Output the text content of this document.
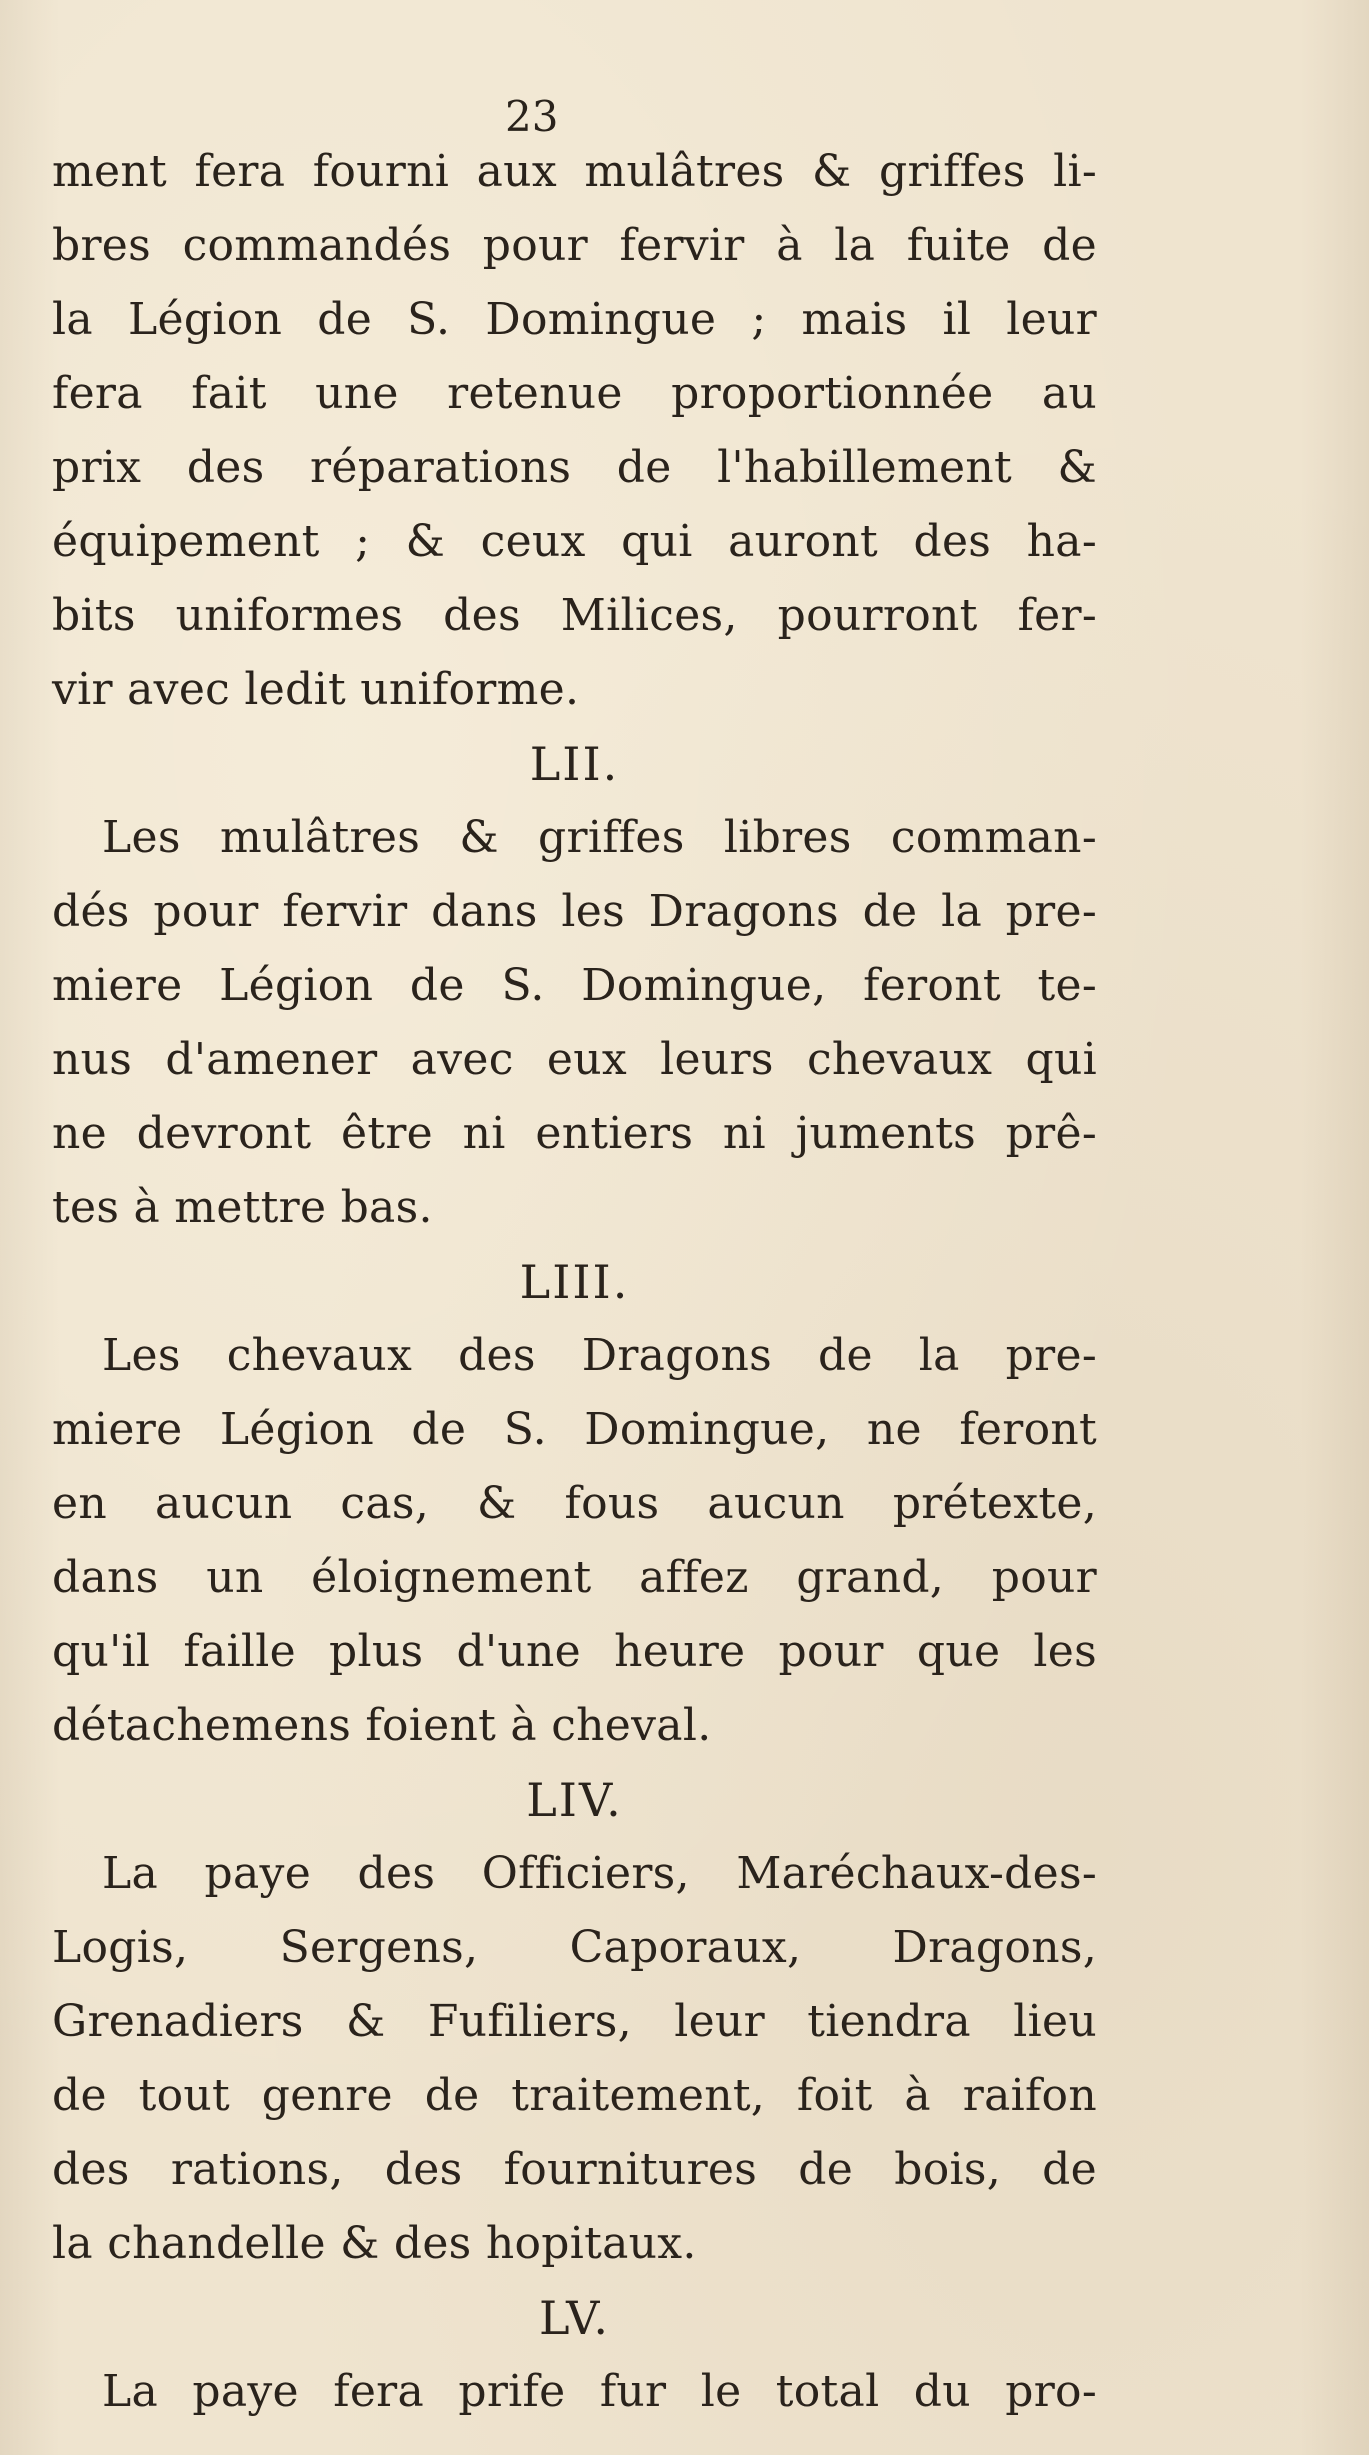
23
ment fera fourni aux mulâtres & griffes li-
bres commandés pour fervir à la fuite de
la Légion de S. Domingue ; mais il leur
fera fait une retenue proportionnée au
prix des réparations de l'habillement &
équipement ; & ceux qui auront des ha-
bits uniformes des Milices, pourront fer-
vir avec ledit uniforme.
LII.
Les mulâtres & griffes libres comman-
dés pour fervir dans les Dragons de la pre-
miere Légion de S. Domingue, feront te-
nus d'amener avec eux leurs chevaux qui
ne devront être ni entiers ni juments prê-
tes à mettre bas.
LIII.
Les chevaux des Dragons de la pre-
miere Légion de S. Domingue, ne feront
en aucun cas, & fous aucun prétexte,
dans un éloignement affez grand, pour
qu'il faille plus d'une heure pour que les
détachemens foient à cheval.
LIV.
La paye des Officiers, Maréchaux-des-
Logis, Sergens, Caporaux, Dragons,
Grenadiers & Fufiliers, leur tiendra lieu
de tout genre de traitement, foit à raifon
des rations, des fournitures de bois, de
la chandelle & des hopitaux.
LV.
La paye fera prife fur le total du pro-
